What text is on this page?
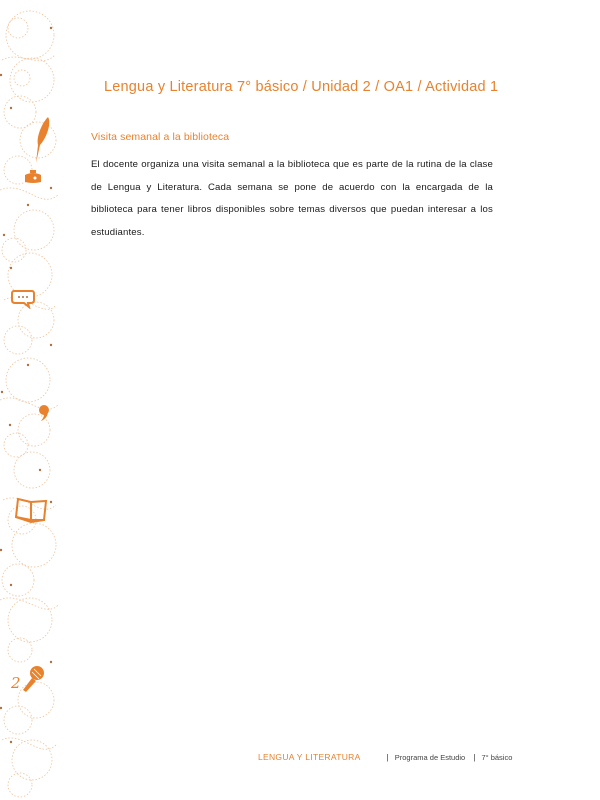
2
Lengua y Literatura 7° básico / Unidad 2 / OA1 / Actividad 1
Visita semanal a la biblioteca

El docente organiza una visita semanal a la biblioteca que es parte de la rutina de la clase de Lengua y Literatura. Cada semana se pone de acuerdo con la encargada de la biblioteca para tener libros disponibles sobre temas diversos que puedan interesar a los estudiantes.

LENGUA Y LITERATURA	| Programa de Estudio | 7° básico
